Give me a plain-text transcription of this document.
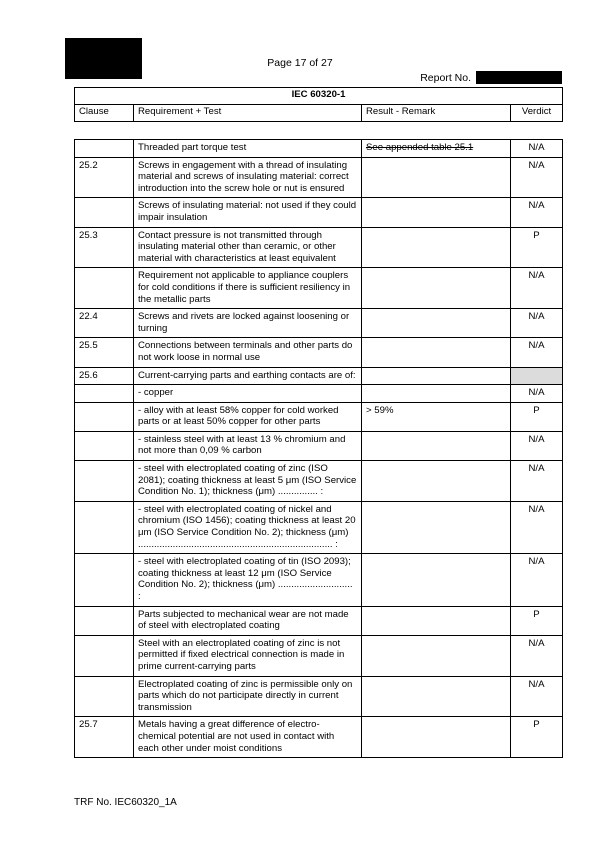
Page 17 of 27
Report No.
IEC 60320-1
Clause	Requirement + Test	Result - Remark	Verdict
	Threaded part torque test	See appended table 25.1	N/A
25.2	Screws in engagement with a thread of insulating material and screws of insulating material: correct introduction into the screw hole or nut is ensured		N/A
	Screws of insulating material: not used if they could impair insulation		N/A
25.3	Contact pressure is not transmitted through insulating material other than ceramic, or other material with characteristics at least equivalent		P
	Requirement not applicable to appliance couplers for cold conditions if there is sufficient resiliency in the metallic parts		N/A
22.4	Screws and rivets are locked against loosening or turning		N/A
25.5	Connections between terminals and other parts do not work loose in normal use		N/A
25.6	Current-carrying parts and earthing contacts are of:		
	- copper		N/A
	- alloy with at least 58% copper for cold worked parts or at least 50% copper for other parts	> 59%	P
	- stainless steel with at least 13 % chromium and not more than 0,09 % carbon		N/A
	- steel with electroplated coating of zinc (ISO 2081); coating thickness at least 5 μm (ISO Service Condition No. 1); thickness (μm) ............... :		N/A
	- steel with electroplated coating of nickel and chromium (ISO 1456); coating thickness at least 20 μm (ISO Service Condition No. 2); thickness (μm) ......................................................................... :		N/A
	- steel with electroplated coating of tin (ISO 2093); coating thickness at least 12 μm (ISO Service Condition No. 2); thickness (μm) ............................ :		N/A
	Parts subjected to mechanical wear are not made of steel with electroplated coating		P
	Steel with an electroplated coating of zinc is not permitted if fixed electrical connection is made in prime current-carrying parts		N/A
	Electroplated coating of zinc is permissible only on parts which do not participate directly in current transmission		N/A
25.7	Metals having a great difference of electro-chemical potential are not used in contact with each other under moist conditions		P
TRF No. IEC60320_1A
